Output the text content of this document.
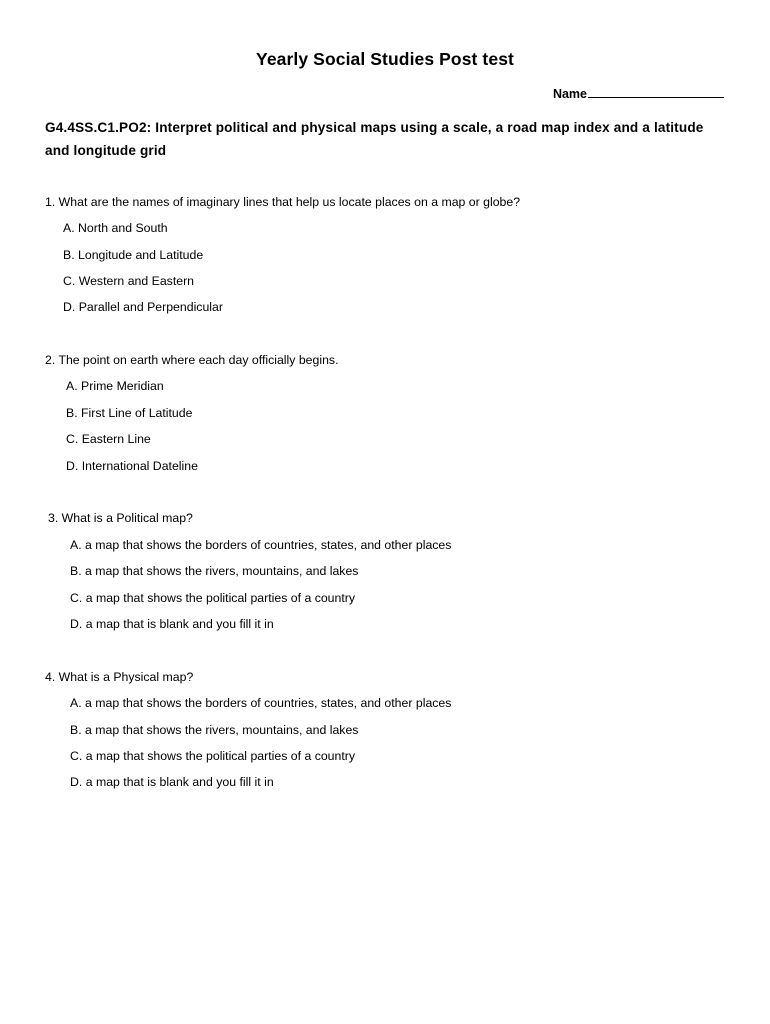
Yearly Social Studies Post test
Name
G4.4SS.C1.PO2: Interpret political and physical maps using a scale, a road map index and a latitude and longitude grid
1. What are the names of imaginary lines that help us locate places on a map or globe?
A. North and South
B. Longitude and Latitude
C. Western and Eastern
D. Parallel and Perpendicular
2. The point on earth where each day officially begins.
A. Prime Meridian
B. First Line of Latitude
C. Eastern Line
D. International Dateline
3. What is a Political map?
A. a map that shows the borders of countries, states, and other places
B. a map that shows the rivers, mountains, and lakes
C. a map that shows the political parties of a country
D. a map that is blank and you fill it in
4. What is a Physical map?
A. a map that shows the borders of countries, states, and other places
B. a map that shows the rivers, mountains, and lakes
C. a map that shows the political parties of a country
D. a map that is blank and you fill it in
